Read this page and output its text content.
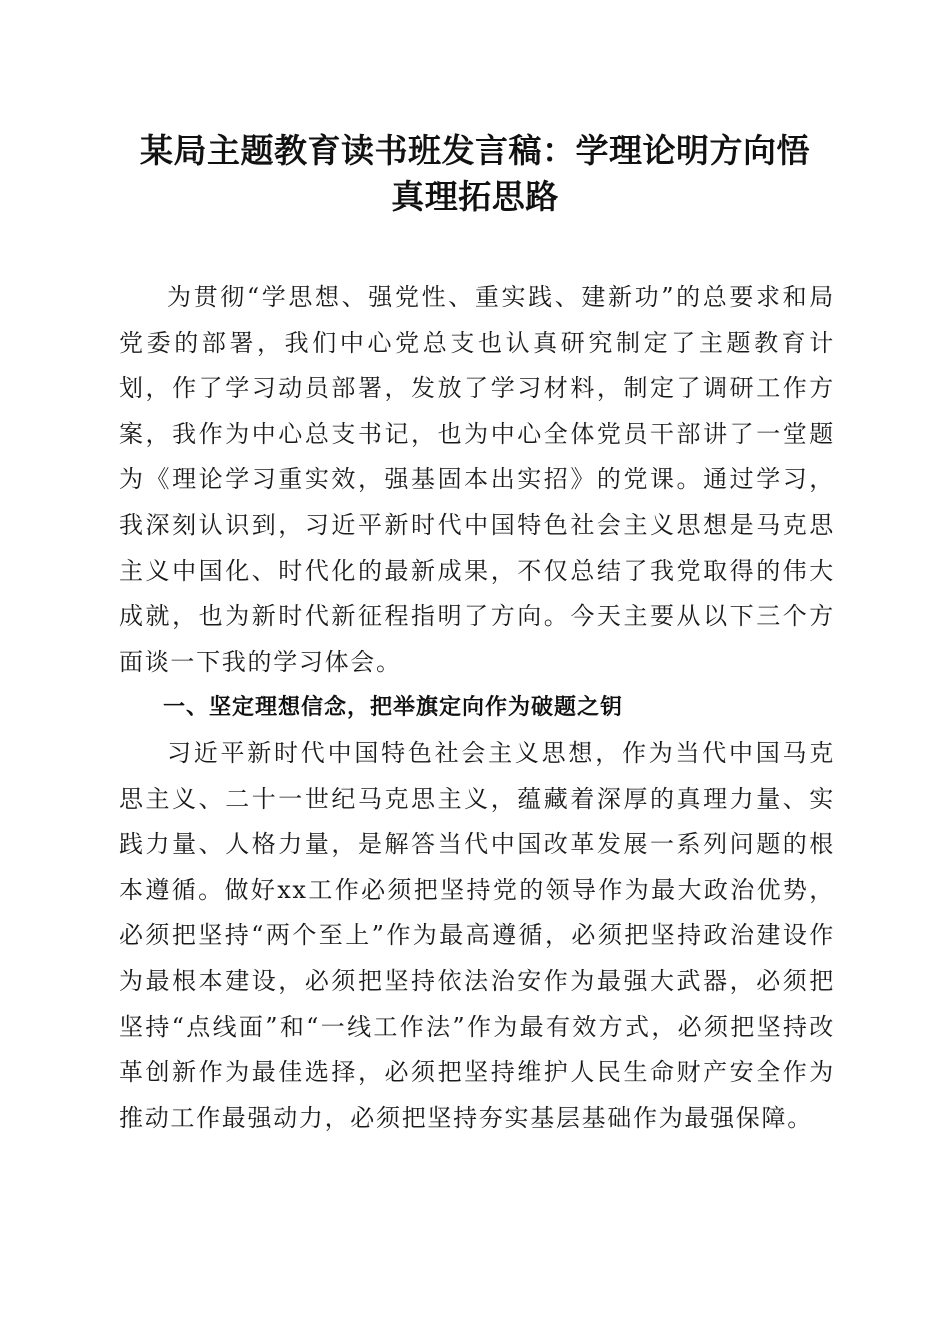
某局主题教育读书班发言稿：学理论明方向悟
真理拓思路

为贯彻“学思想、强党性、重实践、建新功”的总要求和局党委的部署，我们中心党总支也认真研究制定了主题教育计划，作了学习动员部署，发放了学习材料，制定了调研工作方案，我作为中心总支书记，也为中心全体党员干部讲了一堂题为《理论学习重实效，强基固本出实招》的党课。通过学习，我深刻认识到，习近平新时代中国特色社会主义思想是马克思主义中国化、时代化的最新成果，不仅总结了我党取得的伟大成就，也为新时代新征程指明了方向。今天主要从以下三个方面谈一下我的学习体会。

一、坚定理想信念，把举旗定向作为破题之钥

习近平新时代中国特色社会主义思想，作为当代中国马克思主义、二十一世纪马克思主义，蕴藏着深厚的真理力量、实践力量、人格力量，是解答当代中国改革发展一系列问题的根本遵循。做好xx工作必须把坚持党的领导作为最大政治优势，必须把坚持“两个至上”作为最高遵循，必须把坚持政治建设作为最根本建设，必须把坚持依法治安作为最强大武器，必须把坚持“点线面”和“一线工作法”作为最有效方式，必须把坚持改革创新作为最佳选择，必须把坚持维护人民生命财产安全作为推动工作最强动力，必须把坚持夯实基层基础作为最强保障。
